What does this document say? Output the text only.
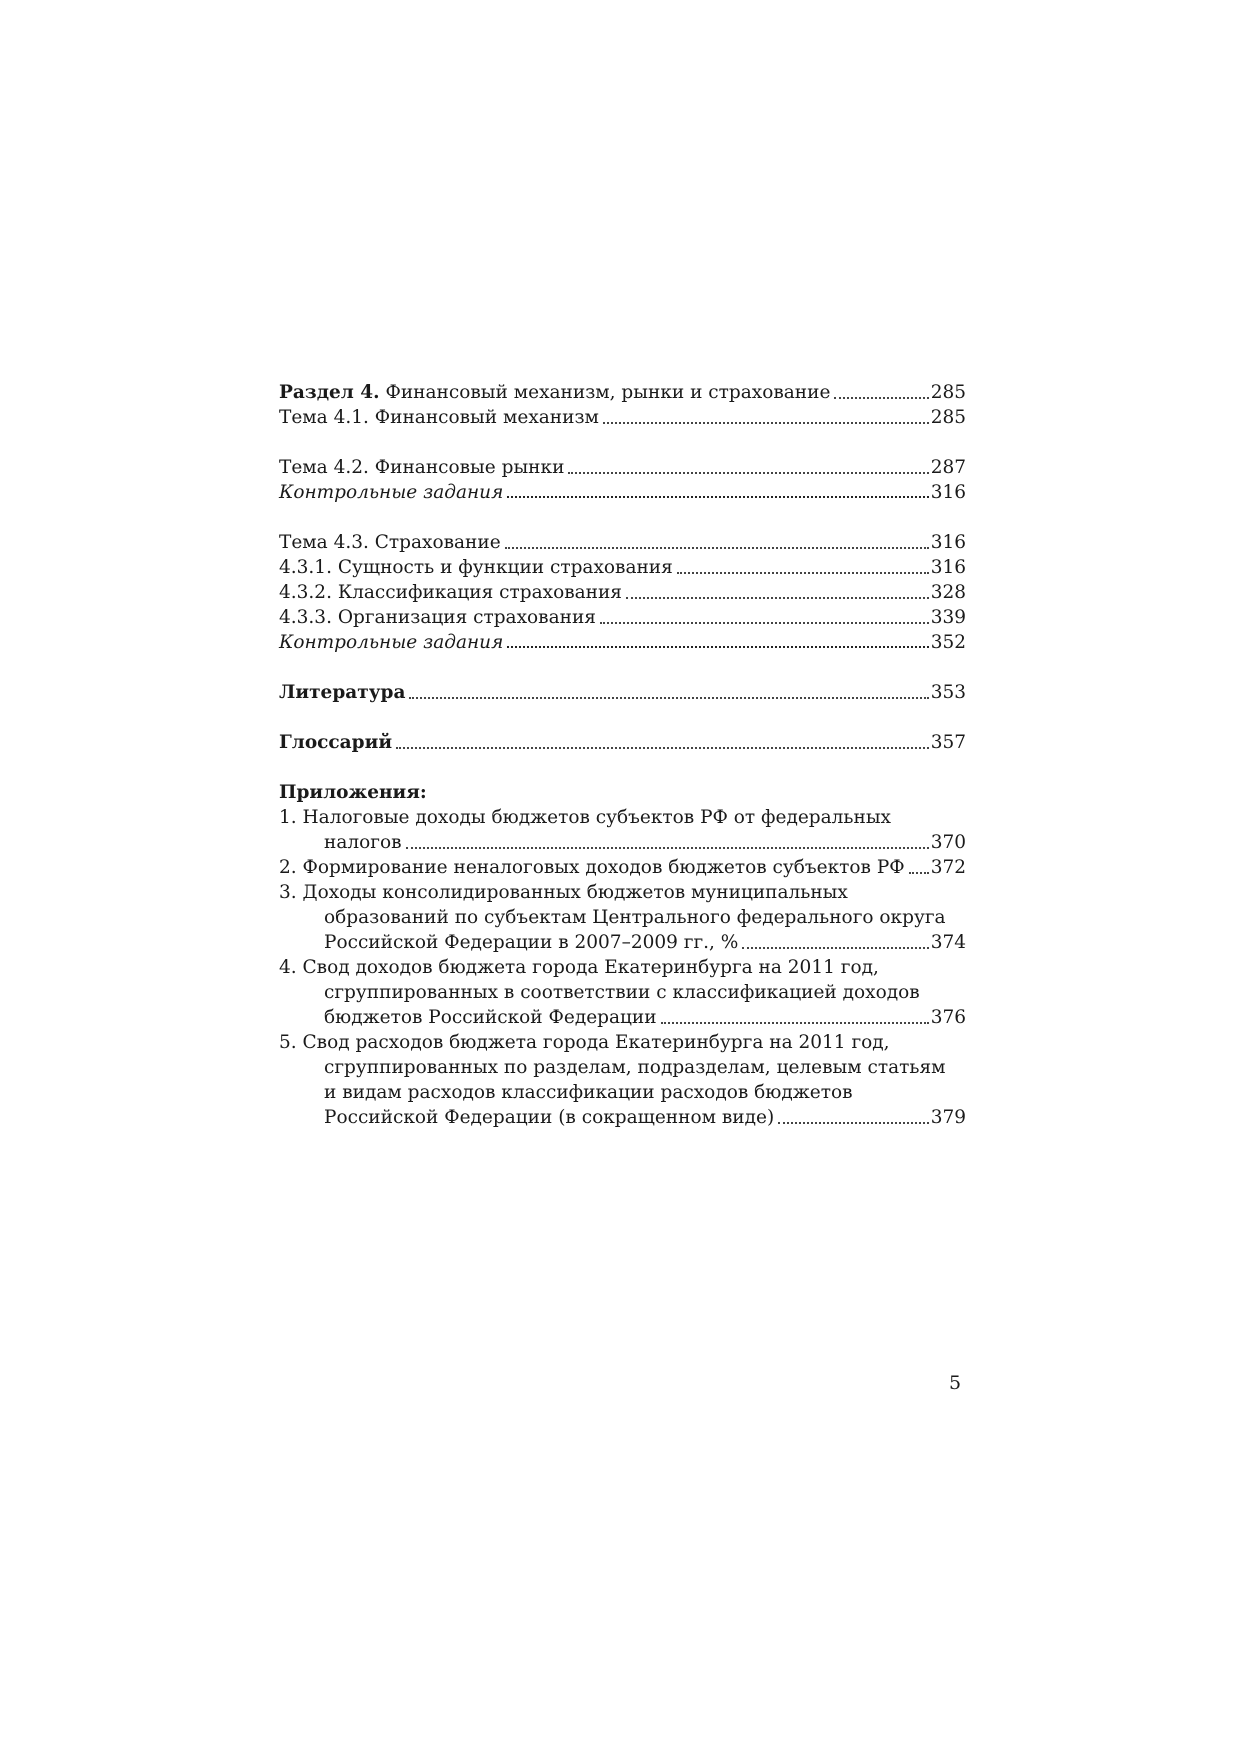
Раздел 4. Финансовый механизм, рынки и страхование	285
Тема 4.1. Финансовый механизм	285
Тема 4.2. Финансовые рынки	287
Контрольные задания	316
Тема 4.3. Страхование	316
4.3.1. Сущность и функции страхования	316
4.3.2. Классификация страхования	328
4.3.3. Организация страхования	339
Контрольные задания	352
Литература	353
Глоссарий	357
Приложения:
1. Налоговые доходы бюджетов субъектов РФ от федеральных
налогов	370
2. Формирование неналоговых доходов бюджетов субъектов РФ 372
3. Доходы консолидированных бюджетов муниципальных
образований по субъектам Центрального федерального округа
Российской Федерации в 2007–2009 гг., %	374
4. Свод доходов бюджета города Екатеринбурга на 2011 год,
сгруппированных в соответствии с классификацией доходов
бюджетов Российской Федерации	376
5. Свод расходов бюджета города Екатеринбурга на 2011 год,
сгруппированных по разделам, подразделам, целевым статьям
и видам расходов классификации расходов бюджетов
Российской Федерации (в сокращенном виде)	379
5
